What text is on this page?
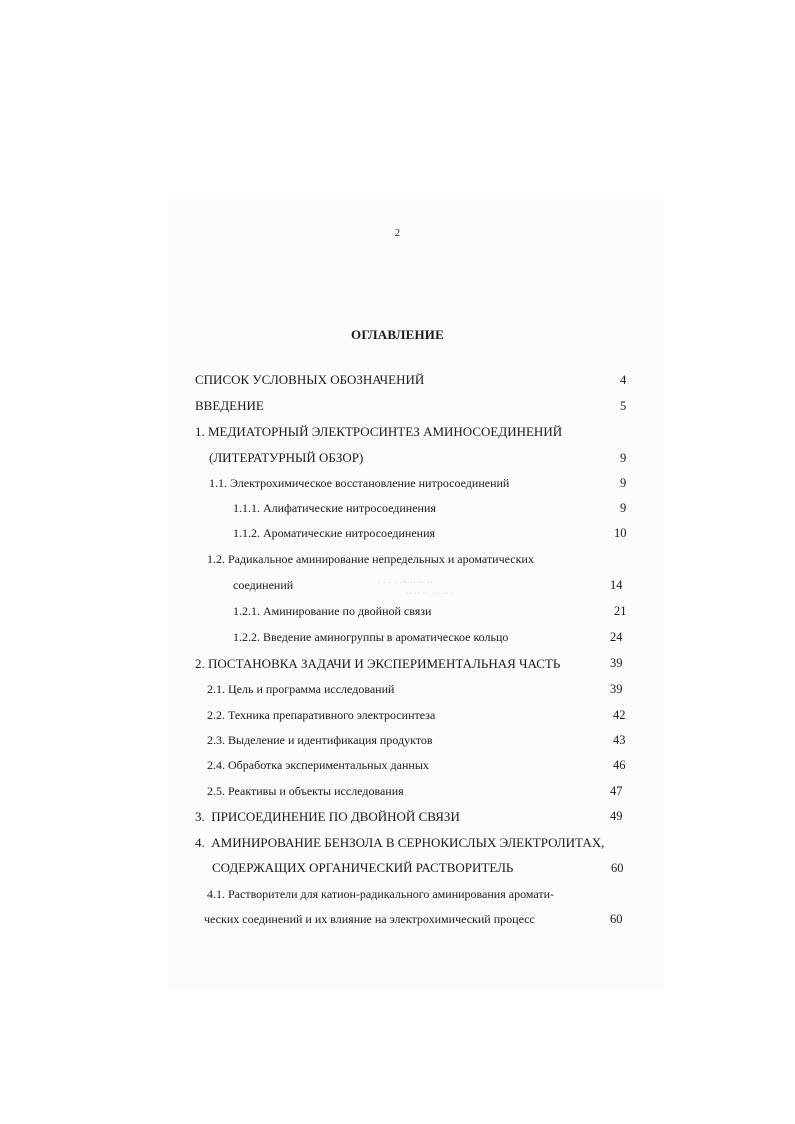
2
ОГЛАВЛЕНИЕ
СПИСОК УСЛОВНЫХ ОБОЗНАЧЕНИЙ	4
ВВЕДЕНИЕ	5
1. МЕДИАТОРНЫЙ ЭЛЕКТРОСИНТЕЗ АМИНОСОЕДИНЕНИЙ
(ЛИТЕРАТУРНЫЙ ОБЗОР)	9
1.1. Электрохимическое восстановление нитросоединений	9
1.1.1. Алифатические нитросоединения	9
1.1.2. Ароматические нитросоединения	10
1.2. Радикальное аминирование непредельных и ароматических
соединений	14
· · · · ·~··· ·· ··
·· ·· ·· ··· ·· ·
1.2.1. Аминирование по двойной связи	21
1.2.2. Введение аминогруппы в ароматическое кольцо	24
2. ПОСТАНОВКА ЗАДАЧИ И ЭКСПЕРИМЕНТАЛЬНАЯ ЧАСТЬ	39
2.1. Цель и программа исследований	39
2.2. Техника препаративного электросинтеза	42
2.3. Выделение и идентификация продуктов	43
2.4. Обработка экспериментальных данных	46
2.5. Реактивы и объекты исследования	47
3.  ПРИСОЕДИНЕНИЕ ПО ДВОЙНОЙ СВЯЗИ	49
4.  АМИНИРОВАНИЕ БЕНЗОЛА В СЕРНОКИСЛЫХ ЭЛЕКТРОЛИТАХ,
СОДЕРЖАЩИХ ОРГАНИЧЕСКИЙ РАСТВОРИТЕЛЬ	60
4.1. Растворители для катион-радикального аминирования аромати-
ческих соединений и их влияние на электрохимический процесс	60
